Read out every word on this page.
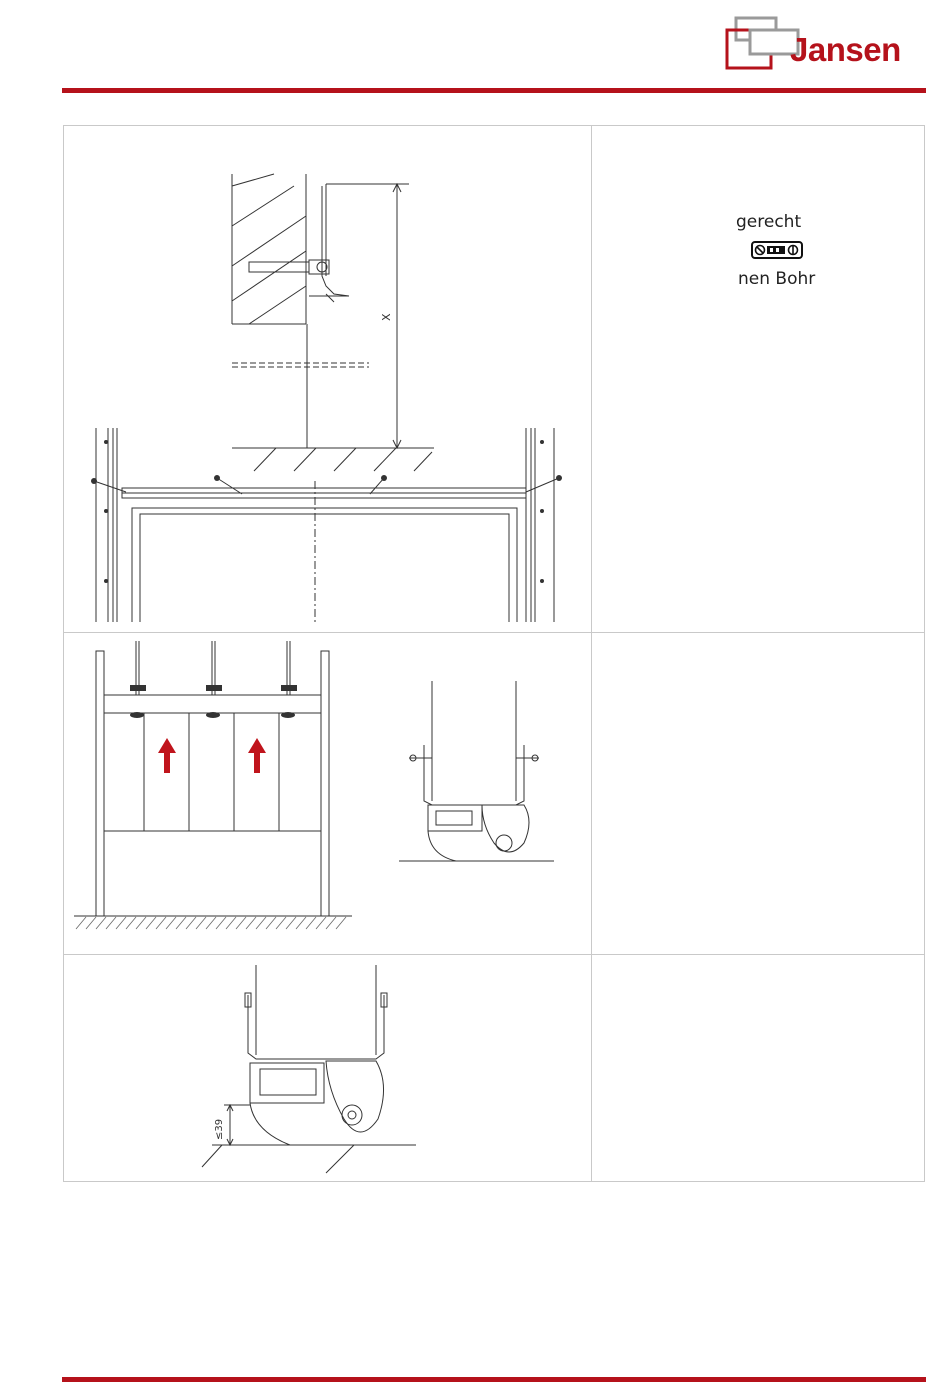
Jansen
X
gerecht
nen Bohr
≤39
